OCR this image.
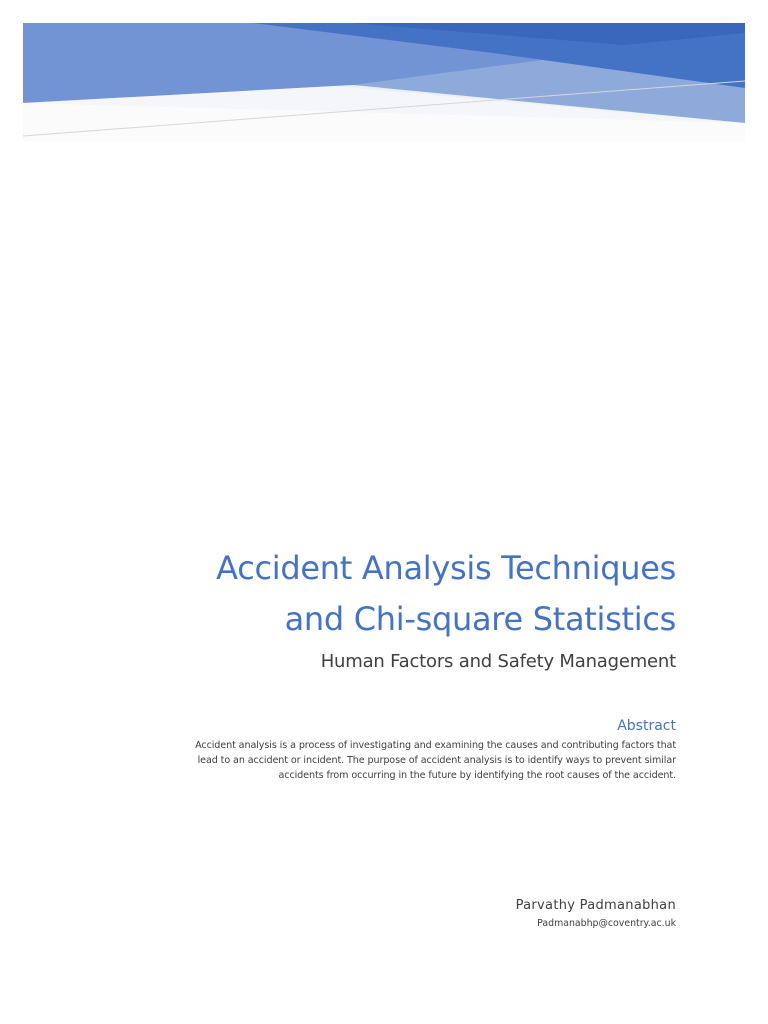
Accident Analysis Techniques
and Chi-square Statistics

Human Factors and Safety Management

Abstract

Accident analysis is a process of investigating and examining the causes and contributing factors that lead to an accident or incident. The purpose of accident analysis is to identify ways to prevent similar accidents from occurring in the future by identifying the root causes of the accident.

Parvathy Padmanabhan

Padmanabhp@coventry.ac.uk
